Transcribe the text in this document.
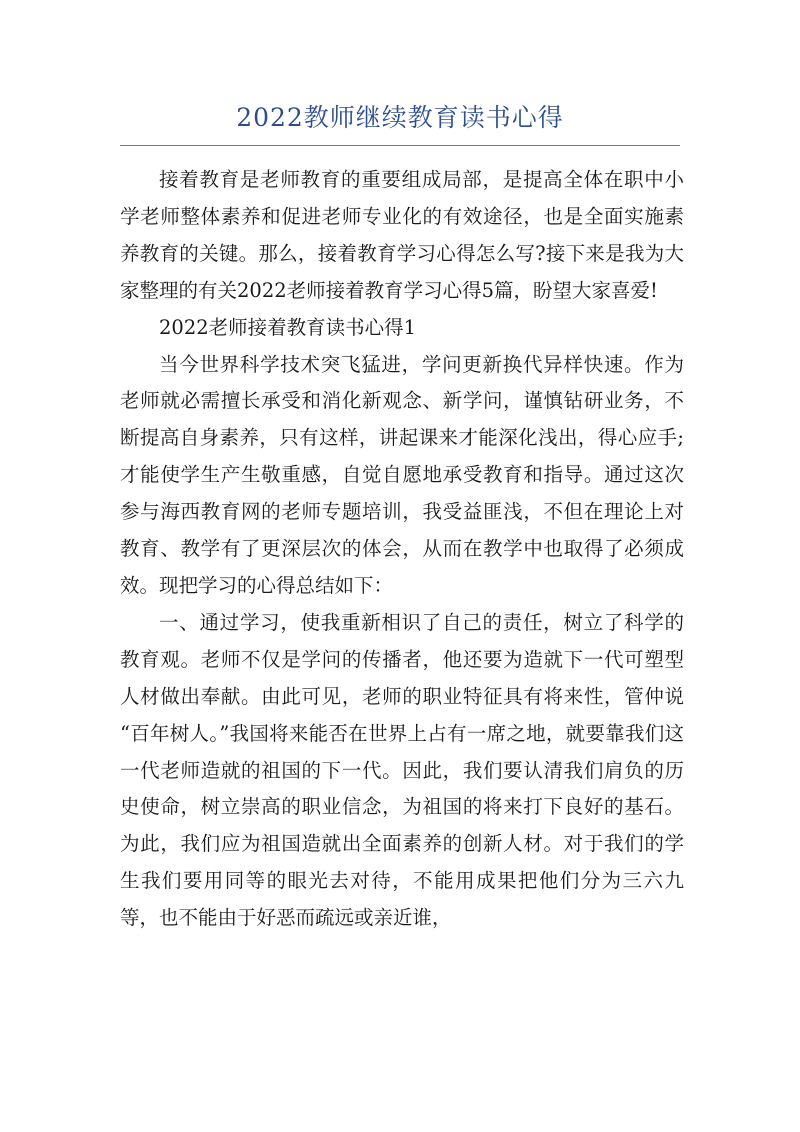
2022教师继续教育读书心得

接着教育是老师教育的重要组成局部，是提高全体在职中小学老师整体素养和促进老师专业化的有效途径，也是全面实施素养教育的关键。那么，接着教育学习心得怎么写?接下来是我为大家整理的有关2022老师接着教育学习心得5篇，盼望大家喜爱!

2022老师接着教育读书心得1

当今世界科学技术突飞猛进，学问更新换代异样快速。作为老师就必需擅长承受和消化新观念、新学问，谨慎钻研业务，不断提高自身素养，只有这样，讲起课来才能深化浅出，得心应手;才能使学生产生敬重感，自觉自愿地承受教育和指导。通过这次参与海西教育网的老师专题培训，我受益匪浅，不但在理论上对教育、教学有了更深层次的体会，从而在教学中也取得了必须成效。现把学习的心得总结如下：

一、通过学习，使我重新相识了自己的责任，树立了科学的教育观。老师不仅是学问的传播者，他还要为造就下一代可塑型人材做出奉献。由此可见，老师的职业特征具有将来性，管仲说 “百年树人。”我国将来能否在世界上占有一席之地，就要靠我们这一代老师造就的祖国的下一代。因此，我们要认清我们肩负的历史使命，树立崇高的职业信念，为祖国的将来打下良好的基石。为此，我们应为祖国造就出全面素养的创新人材。对于我们的学生我们要用同等的眼光去对待，不能用成果把他们分为三六九等，也不能由于好恶而疏远或亲近谁，
